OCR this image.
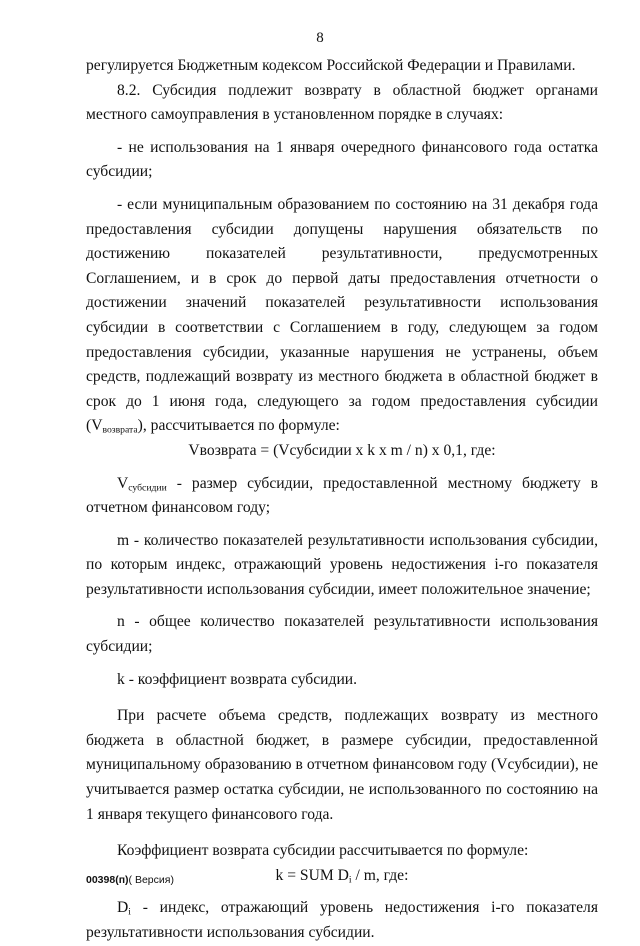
8

регулируется Бюджетным кодексом Российской Федерации и Правилами.

8.2. Субсидия подлежит возврату в областной бюджет органами местного самоуправления в установленном порядке в случаях:

- не использования на 1 января очередного финансового года остатка субсидии;

- если муниципальным образованием по состоянию на 31 декабря года предоставления субсидии допущены нарушения обязательств по достижению показателей результативности, предусмотренных Соглашением, и в срок до первой даты предоставления отчетности о достижении значений показателей результативности использования субсидии в соответствии с Соглашением в году, следующем за годом предоставления субсидии, указанные нарушения не устранены, объем средств, подлежащий возврату из местного бюджета в областной бюджет в срок до 1 июня года, следующего за годом предоставления субсидии $(V_{возврата})$, рассчитывается по формуле:

Vвозврата = (Vсубсидии x k x m / n) x 0,1, где:

$V_{субсидии}$ - размер субсидии, предоставленной местному бюджету в отчетном финансовом году;

m - количество показателей результативности использования субсидии, по которым индекс, отражающий уровень недостижения i-го показателя результативности использования субсидии, имеет положительное значение;

n - общее количество показателей результативности использования субсидии;

k - коэффициент возврата субсидии.

При расчете объема средств, подлежащих возврату из местного бюджета в областной бюджет, в размере субсидии, предоставленной муниципальному образованию в отчетном финансовом году (Vсубсидии), не учитывается размер остатка субсидии, не использованного по состоянию на 1 января текущего финансового года.

Коэффициент возврата субсидии рассчитывается по формуле:

k = SUM $D_i$ / m, где:

$D_i$ - индекс, отражающий уровень недостижения i-го показателя результативности использования субсидии.

00398(п)( Версия)
